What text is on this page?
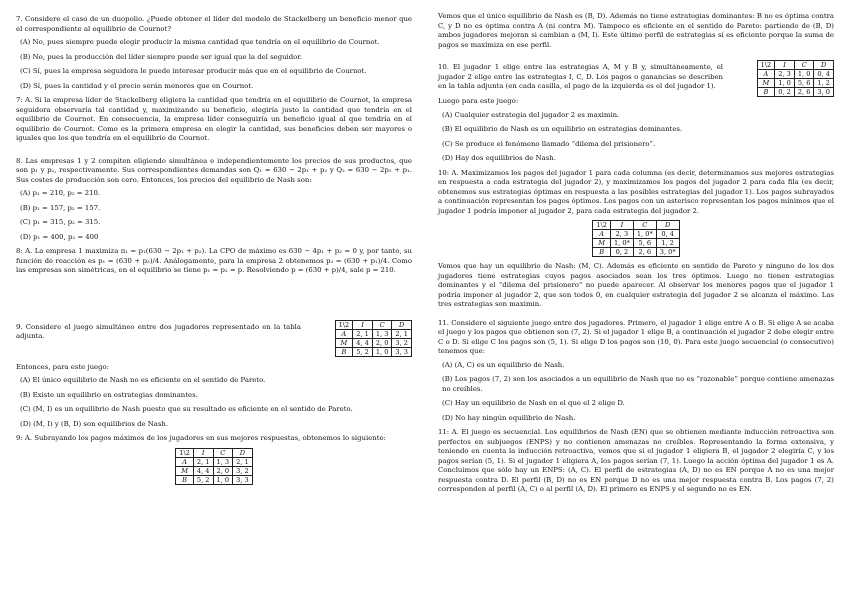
7. Considere el caso de un duopolio. ¿Puede obtener el líder del modelo de Stackelberg un beneficio menor que el correspondiente al equilibrio de Cournot?

(A) No, pues siempre puede elegir producir la misma cantidad que tendría en el equilibrio de Cournot.

(B) No, pues la producción del líder siempre puede ser igual que la del seguidor.

(C) Sí, pues la empresa seguidora le puede interesar producir más que en el equilibrio de Cournot.

(D) Sí, pues la cantidad y el precio serán menores que en Cournot.

7: A. Si la empresa líder de Stackelberg eligiera la cantidad que tendría en el equilibrio de Cournot, la empresa seguidora observaría tal cantidad y, maximizando su beneficio, elegiría justo la cantidad que tendría en el equilibrio de Cournot. En consecuencia, la empresa líder conseguiría un beneficio igual al que tendría en el equilibrio de Cournot. Como es la primera empresa en elegir la cantidad, sus beneficios deben ser mayores o iguales que los que tendría en el equilibrio de Cournot.

8. Las empresas 1 y 2 compiten eligiendo simultánea e independientemente los precios de sus productos, que son p₁ y p₂, respectivamente. Sus correspondientes demandas son Q₁ = 630 − 2p₁ + p₂ y Q₂ = 630 − 2p₂ + p₁. Sus costes de producción son cero. Entonces, los precios del equilibrio de Nash son:

(A) p₁ = 210, p₂ = 210.

(B) p₁ = 157, p₂ = 157.

(C) p₁ = 315, p₂ = 315.

(D) p₁ = 400, p₂ = 400

8: A. La empresa 1 maximiza π₁ = p₁(630 − 2p₁ + p₂). La CPO de máximo es 630 − 4p₁ + p₂ = 0 y, por tanto, su función de reacción es p₁ = (630 + p₂)/4. Análogamente, para la empresa 2 obtenemos p₂ = (630 + p₁)/4. Como las empresas son simétricas, en el equilibrio se tiene p₁ = p₂ = p. Resolviendo p = (630 + p)/4, sale p = 210.

9. Considere el juego simultáneo entre dos jugadores representado en la tabla adjunta.

1\2	I	C	D
A	2, 1	1, 3	2, 1
M	4, 4	2, 0	3, 2
B	5, 2	1, 0	3, 3

Entonces, para este juego:

(A) El único equilibrio de Nash no es eficiente en el sentido de Pareto.

(B) Existe un equilibrio en estrategias dominantes.

(C) (M, I) es un equilibrio de Nash puesto que su resultado es eficiente en el sentido de Pareto.

(D) (M, I) y (B, D) son equilibrios de Nash.

9: A. Subrayando los pagos máximos de los jugadores en sus mejores respuestas, obtenemos lo siguiente:

1\2	I	C	D
A	2, 1	1, 3	2, 1
M	4, 4	2, 0	3, 2
B	5, 2	1, 0	3, 3

Vemos que el único equilibrio de Nash es (B, D). Además no tiene estrategias dominantes: B no es óptima contra C, y D no es óptima contra A (ni contra M). Tampoco es eficiente en el sentido de Pareto: partiendo de (B, D) ambos jugadores mejoran si cambian a (M, I). Este último perfil de estrategias sí es eficiente porque la suma de pagos se maximiza en ese perfil.

10. El jugador 1 elige entre las estrategias A, M y B y, simultáneamente, el jugador 2 elige entre las estrategias I, C, D. Los pagos o ganancias se describen en la tabla adjunta (en cada casilla, el pago de la izquierda es el del jugador 1).

1\2	I	C	D
A	2, 3	1, 0	0, 4
M	1, 0	5, 6	1, 2
B	0, 2	2, 6	3, 0

Luego para este juego:

(A) Cualquier estrategia del jugador 2 es maximin.

(B) El equilibrio de Nash es un equilibrio en estrategias dominantes.

(C) Se produce el fenómeno llamado “dilema del prisionero”.

(D) Hay dos equilibrios de Nash.

10: A. Maximizamos los pagos del jugador 1 para cada columna (es decir, determinamos sus mejores estrategias en respuesta a cada estrategia del jugador 2), y maximizamos los pagos del jugador 2 para cada fila (es decir, obtenemos sus estrategias óptimas en respuesta a las posibles estrategias del jugador 1). Los pagos subrayados a continuación representan los pagos óptimos. Los pagos con un asterisco representan los pagos mínimos que el jugador 1 podría imponer al jugador 2, para cada estrategia del jugador 2.

1\2	I	C	D
A	2, 3	1, 0*	0, 4
M	1, 0*	5, 6	1, 2
B	0, 2	2, 6	3, 0*

Vemos que hay un equilibrio de Nash: (M, C). Además es eficiente en sentido de Pareto y ninguno de los dos jugadores tiene estrategias cuyos pagos asociados sean los tres óptimos. Luego no tienen estrategias dominantes y el “dilema del prisionero” no puede aparecer. Al observar los menores pagos que el jugador 1 podría imponer al jugador 2, que son todos 0, en cualquier estrategia del jugador 2 se alcanza el máximo. Las tres estrategias son maximin.

11. Considere el siguiente juego entre dos jugadores. Primero, el jugador 1 elige entre A o B. Si elige A se acaba el juego y los pagos que obtienen son (7, 2). Si el jugador 1 elige B, a continuación el jugador 2 debe elegir entre C o D. Si elige C los pagos son (5, 1). Si elige D los pagos son (10, 0). Para este juego secuencial (o consecutivo) tenemos que:

(A) (A, C) es un equilibrio de Nash.

(B) Los pagos (7, 2) son los asociados a un equilibrio de Nash que no es “razonable” porque contiene amenazas no creíbles.

(C) Hay un equilibrio de Nash en el que el 2 elige D.

(D) No hay ningún equilibrio de Nash.

11: A. El juego es secuencial. Los equilibrios de Nash (EN) que se obtienen mediante inducción retroactiva son perfectos en subjuegos (ENPS) y no contienen amenazas no creíbles. Representando la forma extensiva, y teniendo en cuenta la inducción retroactiva, vemos que si el jugador 1 eligiera B, el jugador 2 elegiría C, y los pagos serían (5, 1). Si el jugador 1 eligiera A, los pagos serían (7, 1). Luego la acción óptima del jugador 1 es A. Concluimos que sólo hay un ENPS: (A, C). El perfil de estrategias (A, D) no es EN porque A no es una mejor respuesta contra D. El perfil (B, D) no es EN porque D no es una mejor respuesta contra B. Los pagos (7, 2) corresponden al perfil (A, C) o al perfil (A, D). El primero es ENPS y el segundo no es EN.
